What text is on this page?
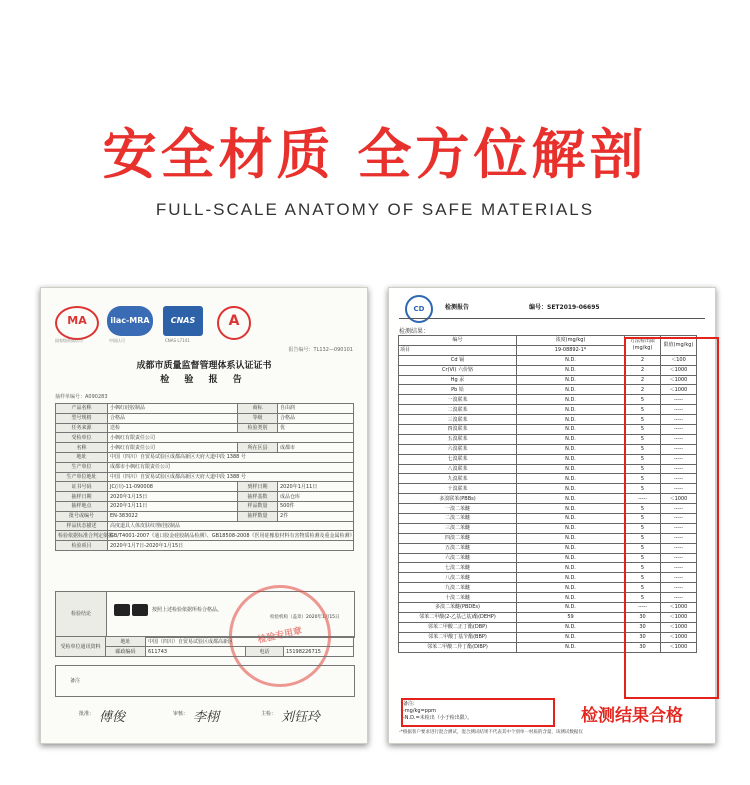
安全材质 全方位解剖
FULL-SCALE ANATOMY OF SAFE MATERIALS
MA	ilac-MRA	CNAS	A
国家级资质认可	中国认可	CNAS L7141
报告编号：TL132—090101
成都市质量监督管理体系认证证书
检 验 报 告
抽样单编号：A090283
产品名称	小枫红硅胶制品	商标	自由润
型号规格	合格品	等级	合格品
任务来源	送检	检验类别	优
受检单位	小枫红有限责任公司		
名称	小枫红有限责任公司	所在区县	成都市
地址	中国（四川）自贸易试验区成都高新区天府大道中段 1388 号		
生产单位	成都市小枫红有限责任公司		
生产单位地址	中国（四川）自贸易试验区成都高新区天府大道中段 1388 号		
证书号码	JC(川)-11-090008	到样日期	2020年1月11日
抽样日期	2020年1月15日	抽样基数	成品仓库
抽样地点	2020年1月11日	样品数量	500件
批号或编号	EN-383022	抽样数量	2件
样品状态描述	高度道具人体皮肤纹理硅胶制品		
检验依据标准合判定依据	GB/T4001-2007《通口胶金硅胶制品检测》、GB18508-2008《医用硅橡胶材料有害物质检测及重金属检测》		
检验项目	2020年1月7日-2020年1月15日		
检验结论
按照上述检验依据所检合格品。
检验机构（盖章）2020年1月15日
检验专用章
受检单位通讯资料	地址	中国（四川）自贸易试验区成都高新区		
	邮政编码	611743	电话	15198226715
备注
批准： 傅俊	审核： 李栩	主检： 刘钰玲
CD	检测报告	编号：SET2019-06695
检测结果：
编号	浓度(mg/kg)	方法检出限(mg/kg)	限值(mg/kg)
项目	19-08892-1*		
Cd 镉	N.D.	2	＜100
Cr(VI) 六价铬	N.D.	2	＜1000
Hg 汞	N.D.	2	＜1000
Pb 铅	N.D.	2	＜1000
一溴联苯	N.D.	5	-----
二溴联苯	N.D.	5	-----
三溴联苯	N.D.	5	-----
四溴联苯	N.D.	5	-----
五溴联苯	N.D.	5	-----
六溴联苯	N.D.	5	-----
七溴联苯	N.D.	5	-----
八溴联苯	N.D.	5	-----
九溴联苯	N.D.	5	-----
十溴联苯	N.D.	5	-----
多溴联苯(PBBs)	N.D.	-----	＜1000
一溴二苯醚	N.D.	5	-----
二溴二苯醚	N.D.	5	-----
三溴二苯醚	N.D.	5	-----
四溴二苯醚	N.D.	5	-----
五溴二苯醚	N.D.	5	-----
六溴二苯醚	N.D.	5	-----
七溴二苯醚	N.D.	5	-----
八溴二苯醚	N.D.	5	-----
九溴二苯醚	N.D.	5	-----
十溴二苯醚	N.D.	5	-----
多溴二苯醚(PBDEs)	N.D.	-----	＜1000
邻苯二甲酸(2-乙基己基)酯(DEHP)	59	30	＜1000
邻苯二甲酸二正丁酯(DBP)	N.D.	30	＜1000
邻苯二甲酸丁基苄酯(BBP)	N.D.	30	＜1000
邻苯二甲酸二异丁酯(DIBP)	N.D.	30	＜1000
备注:
-mg/kg=ppm
-N.D.=未检出（小于检出限）。	检测结果合格
-*根据客户要求进行混合测试，混合测试结果不代表其中个别单一材质的含量，该测试数据仅
